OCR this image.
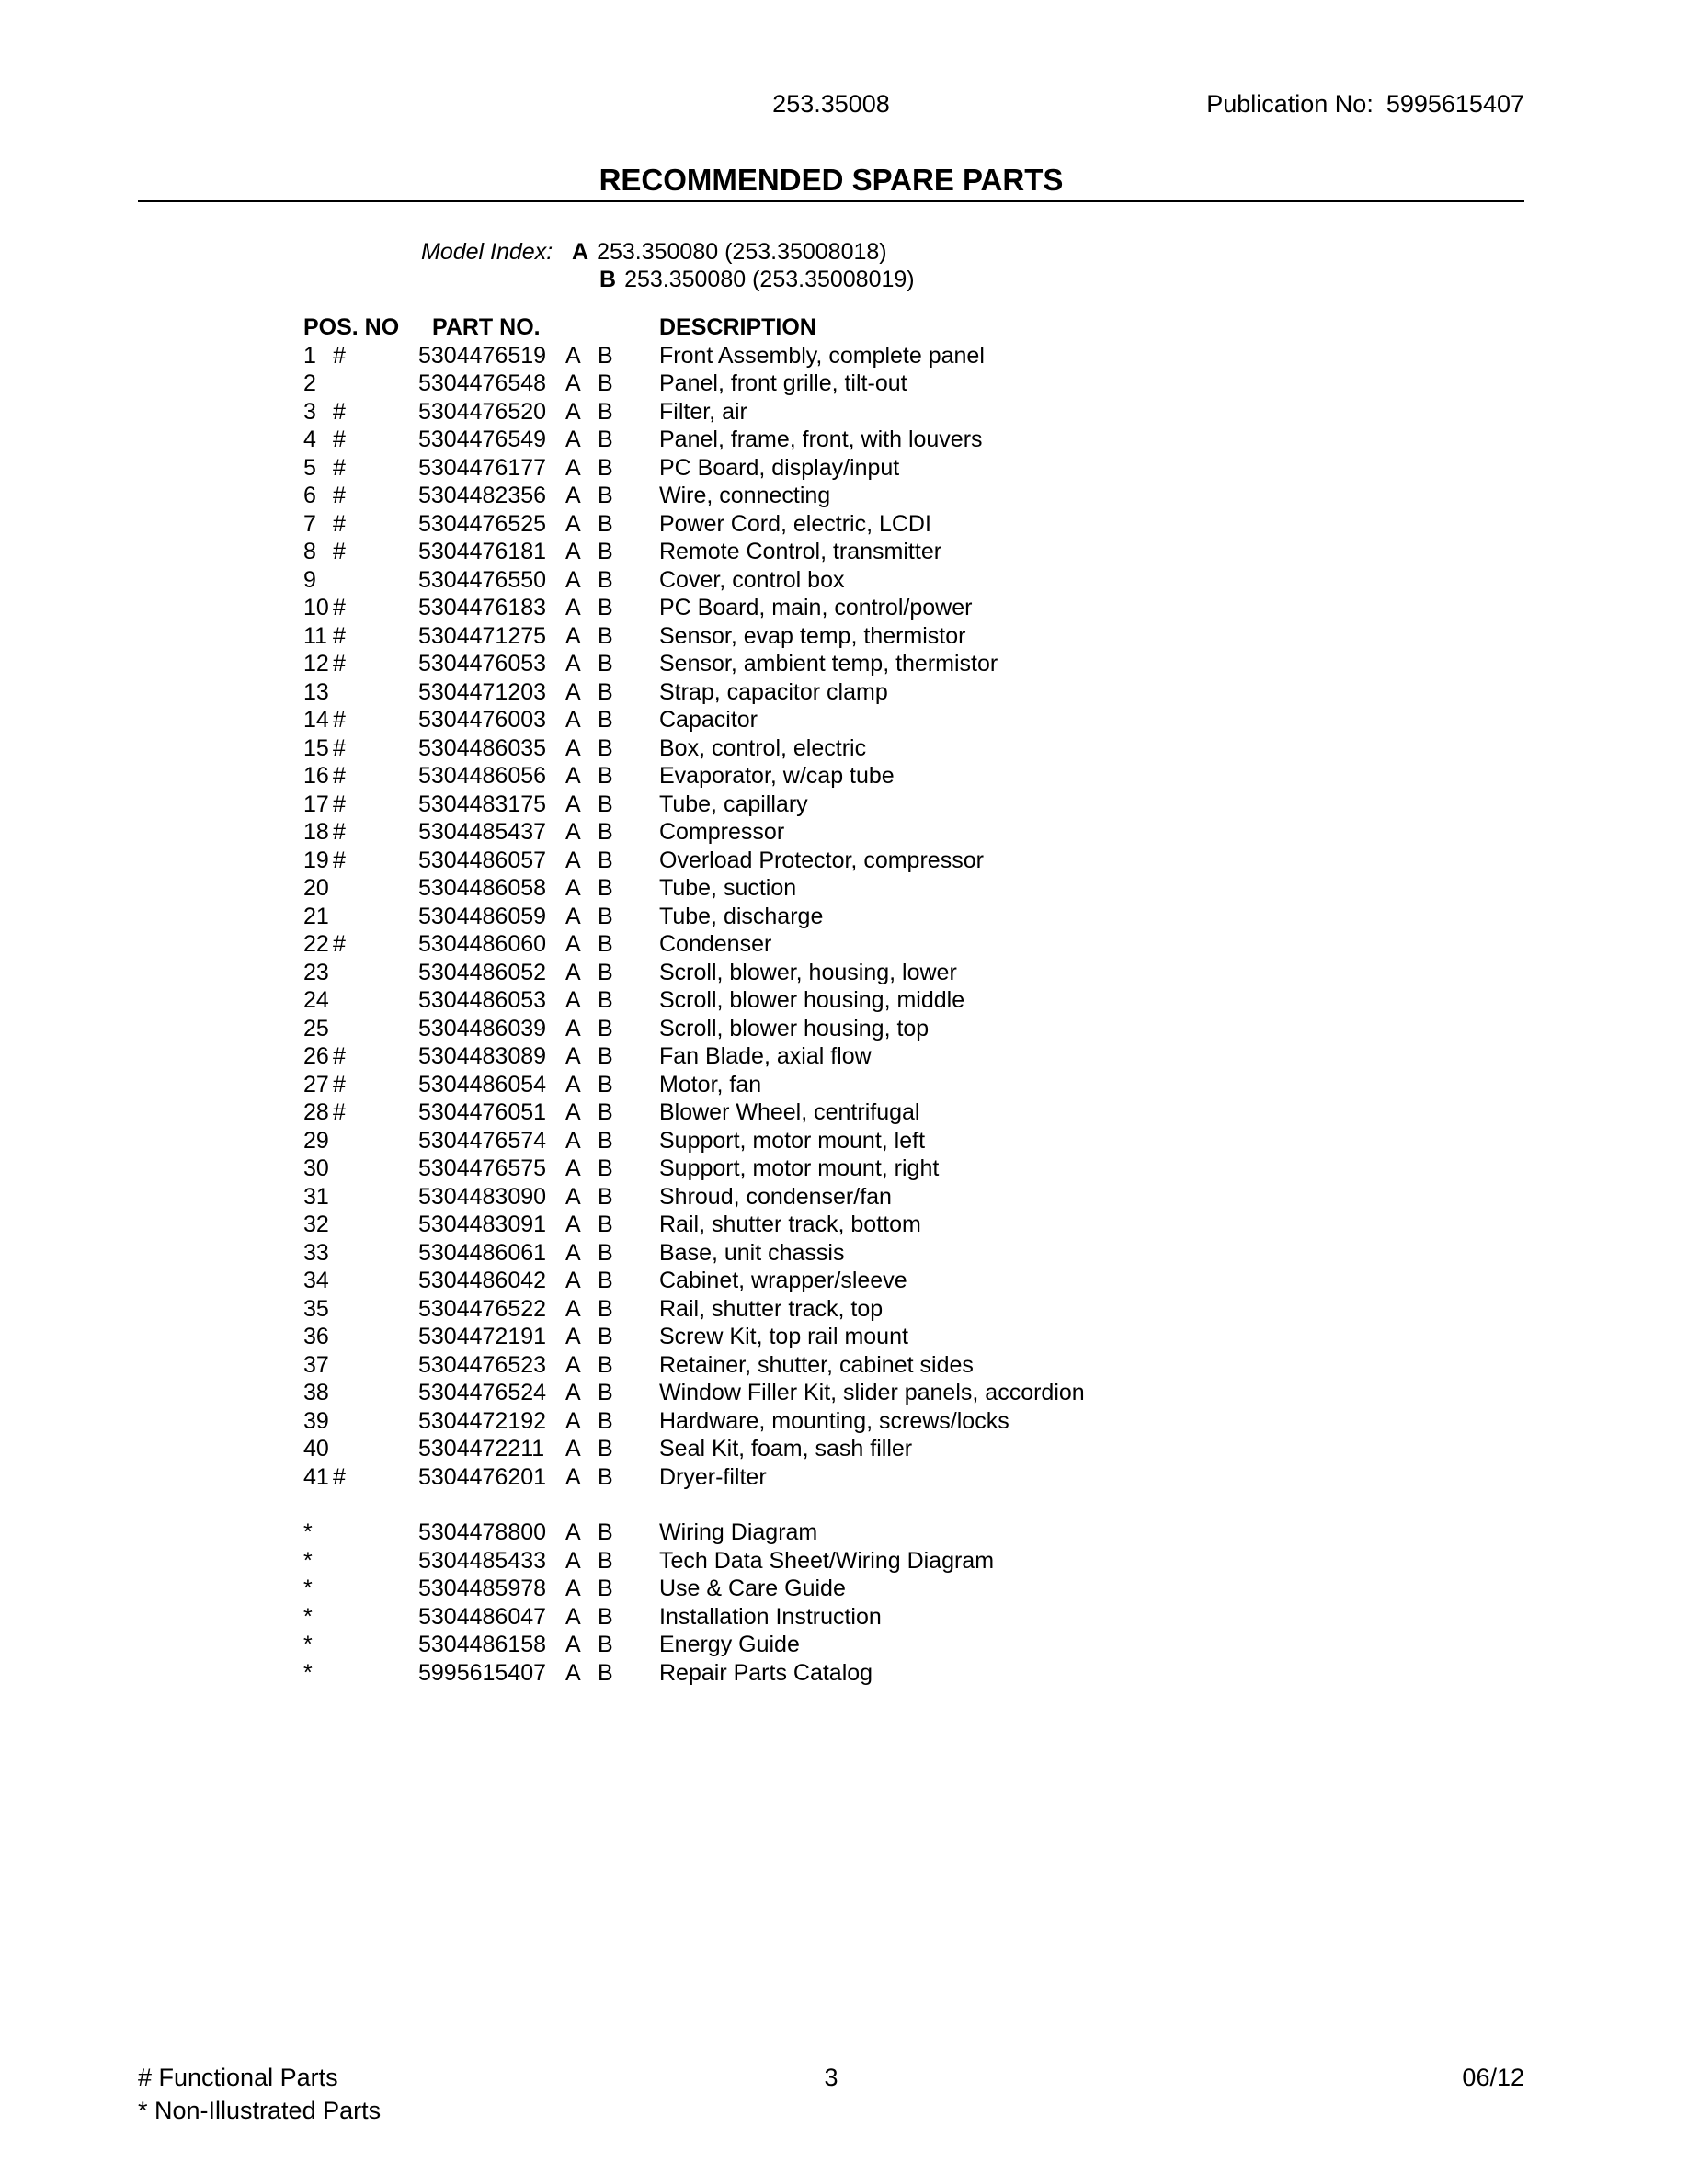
253.35008	Publication No: 5995615407
RECOMMENDED SPARE PARTS
Model Index: A 253.350080 (253.35008018)
B 253.350080 (253.35008019)
POS. NO	PART NO.	DESCRIPTION
1 #	5304476519 A B	Front Assembly, complete panel
2	5304476548 A B	Panel, front grille, tilt-out
3 #	5304476520 A B	Filter, air
4 #	5304476549 A B	Panel, frame, front, with louvers
5 #	5304476177 A B	PC Board, display/input
6 #	5304482356 A B	Wire, connecting
7 #	5304476525 A B	Power Cord, electric, LCDI
8 #	5304476181 A B	Remote Control, transmitter
9	5304476550 A B	Cover, control box
10 #	5304476183 A B	PC Board, main, control/power
11 #	5304471275 A B	Sensor, evap temp, thermistor
12 #	5304476053 A B	Sensor, ambient temp, thermistor
13	5304471203 A B	Strap, capacitor clamp
14 #	5304476003 A B	Capacitor
15 #	5304486035 A B	Box, control, electric
16 #	5304486056 A B	Evaporator, w/cap tube
17 #	5304483175 A B	Tube, capillary
18 #	5304485437 A B	Compressor
19 #	5304486057 A B	Overload Protector, compressor
20	5304486058 A B	Tube, suction
21	5304486059 A B	Tube, discharge
22 #	5304486060 A B	Condenser
23	5304486052 A B	Scroll, blower, housing, lower
24	5304486053 A B	Scroll, blower housing, middle
25	5304486039 A B	Scroll, blower housing, top
26 #	5304483089 A B	Fan Blade, axial flow
27 #	5304486054 A B	Motor, fan
28 #	5304476051 A B	Blower Wheel, centrifugal
29	5304476574 A B	Support, motor mount, left
30	5304476575 A B	Support, motor mount, right
31	5304483090 A B	Shroud, condenser/fan
32	5304483091 A B	Rail, shutter track, bottom
33	5304486061 A B	Base, unit chassis
34	5304486042 A B	Cabinet, wrapper/sleeve
35	5304476522 A B	Rail, shutter track, top
36	5304472191 A B	Screw Kit, top rail mount
37	5304476523 A B	Retainer, shutter, cabinet sides
38	5304476524 A B	Window Filler Kit, slider panels, accordion
39	5304472192 A B	Hardware, mounting, screws/locks
40	5304472211 A B	Seal Kit, foam, sash filler
41 #	5304476201 A B	Dryer-filter
*	5304478800 A B	Wiring Diagram
*	5304485433 A B	Tech Data Sheet/Wiring Diagram
*	5304485978 A B	Use & Care Guide
*	5304486047 A B	Installation Instruction
*	5304486158 A B	Energy Guide
*	5995615407 A B	Repair Parts Catalog
# Functional Parts
* Non-Illustrated Parts
3	06/12
